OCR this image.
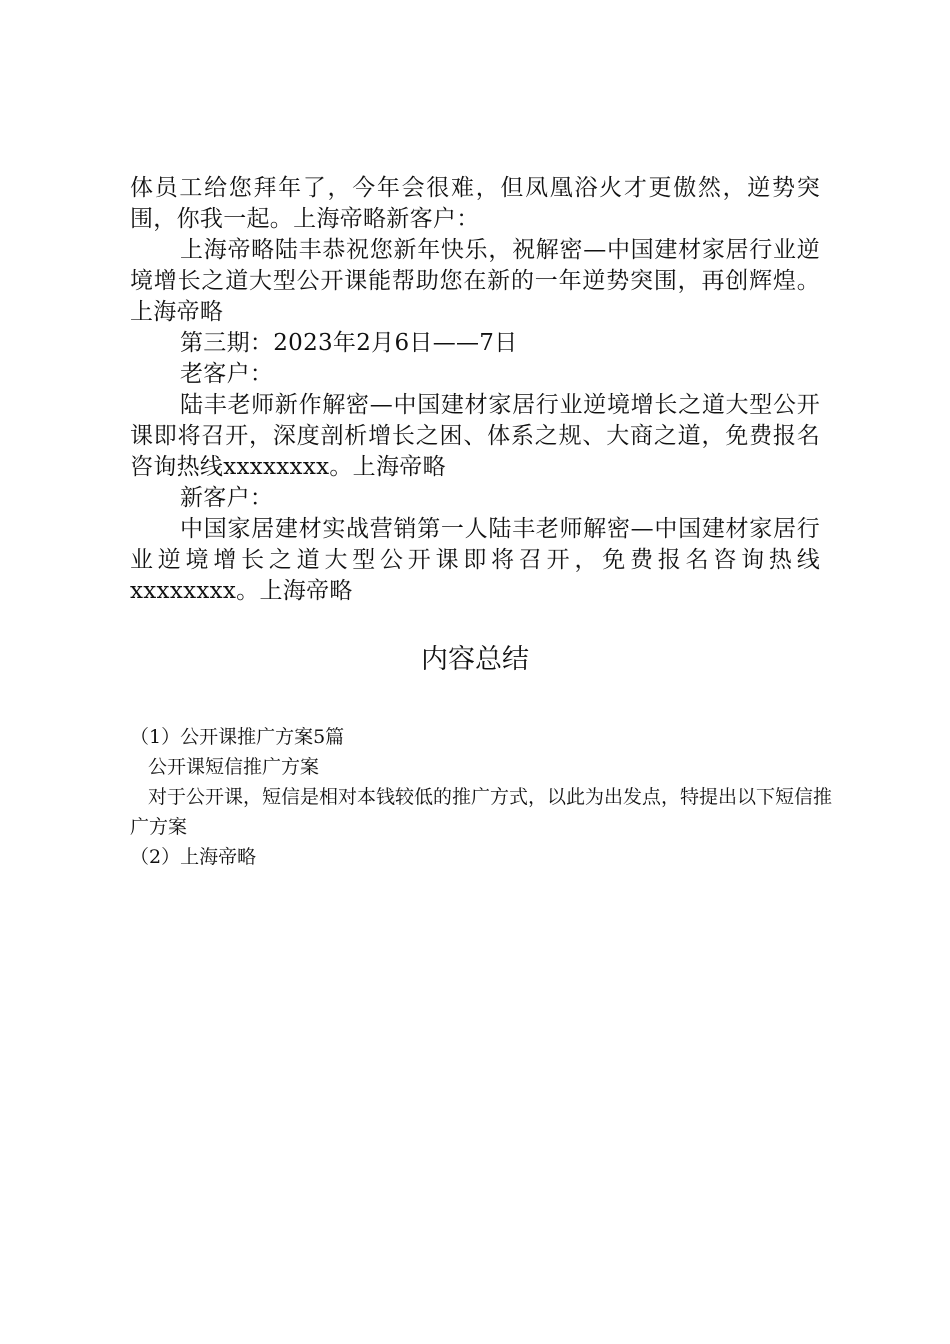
体员工给您拜年了，今年会很难，但凤凰浴火才更傲然，逆势突围，你我一起。上海帝略新客户：

上海帝略陆丰恭祝您新年快乐，祝解密—中国建材家居行业逆境增长之道大型公开课能帮助您在新的一年逆势突围，再创辉煌。上海帝略

第三期：2023年2月6日——7日

老客户：

陆丰老师新作解密—中国建材家居行业逆境增长之道大型公开课即将召开，深度剖析增长之困、体系之规、大商之道，免费报名咨询热线xxxxxxxx。上海帝略

新客户：

中国家居建材实战营销第一人陆丰老师解密—中国建材家居行业逆境增长之道大型公开课即将召开，免费报名咨询热线xxxxxxxx。上海帝略

内容总结

（1）公开课推广方案5篇

公开课短信推广方案

对于公开课，短信是相对本钱较低的推广方式，以此为出发点，特提出以下短信推广方案

（2）上海帝略
